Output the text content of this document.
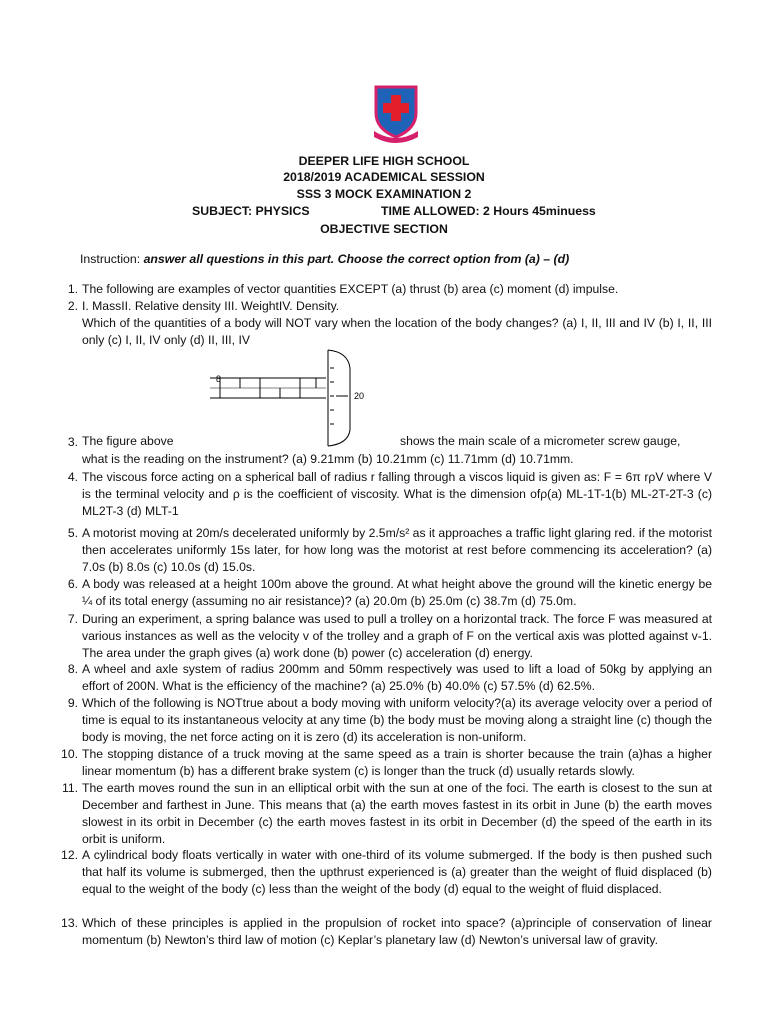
DEEPER LIFE HIGH SCHOOL
2018/2019 ACADEMICAL SESSION
SSS 3 MOCK EXAMINATION 2
SUBJECT: PHYSICS	TIME ALLOWED: 2 Hours 45minuess
OBJECTIVE SECTION
Instruction: answer all questions in this part. Choose the correct option from (a) – (d)
1. The following are examples of vector quantities EXCEPT (a) thrust (b) area (c) moment (d) impulse.
2. I. MassII. Relative density III. WeightIV. Density.
Which of the quantities of a body will NOT vary when the location of the body changes? (a) I, II, III and IV (b) I, II, III only (c) I, II, IV only (d) II, III, IV
8
20
3. The figure above	shows the main scale of a micrometer screw gauge,
what is the reading on the instrument? (a) 9.21mm (b) 10.21mm (c) 11.71mm (d) 10.71mm.
4. The viscous force acting on a spherical ball of radius r falling through a viscos liquid is given as: F = 6π rρV where V is the terminal velocity and ρ is the coefficient of viscosity. What is the dimension ofρ(a) ML-1T-1(b) ML-2T-2T-3 (c) ML2T-3 (d) MLT-1
5. A motorist moving at 20m/s decelerated uniformly by 2.5m/s² as it approaches a traffic light glaring red. if the motorist then accelerates uniformly 15s later, for how long was the motorist at rest before commencing its acceleration? (a) 7.0s (b) 8.0s (c) 10.0s (d) 15.0s.
6. A body was released at a height 100m above the ground. At what height above the ground will the kinetic energy be ¼ of its total energy (assuming no air resistance)? (a) 20.0m (b) 25.0m (c) 38.7m (d) 75.0m.
7. During an experiment, a spring balance was used to pull a trolley on a horizontal track. The force F was measured at various instances as well as the velocity v of the trolley and a graph of F on the vertical axis was plotted against v-1. The area under the graph gives (a) work done (b) power (c) acceleration (d) energy.
8. A wheel and axle system of radius 200mm and 50mm respectively was used to lift a load of 50kg by applying an effort of 200N. What is the efficiency of the machine? (a) 25.0% (b) 40.0% (c) 57.5% (d) 62.5%.
9. Which of the following is NOTtrue about a body moving with uniform velocity?(a) its average velocity over a period of time is equal to its instantaneous velocity at any time (b) the body must be moving along a straight line (c) though the body is moving, the net force acting on it is zero (d) its acceleration is non-uniform.
10. The stopping distance of a truck moving at the same speed as a train is shorter because the train (a)has a higher linear momentum (b) has a different brake system (c) is longer than the truck (d) usually retards slowly.
11. The earth moves round the sun in an elliptical orbit with the sun at one of the foci. The earth is closest to the sun at December and farthest in June. This means that (a) the earth moves fastest in its orbit in June (b) the earth moves slowest in its orbit in December (c) the earth moves fastest in its orbit in December (d) the speed of the earth in its orbit is uniform.
12. A cylindrical body floats vertically in water with one-third of its volume submerged. If the body is then pushed such that half its volume is submerged, then the upthrust experienced is (a) greater than the weight of fluid displaced (b) equal to the weight of the body (c) less than the weight of the body (d) equal to the weight of fluid displaced.
13. Which of these principles is applied in the propulsion of rocket into space? (a)principle of conservation of linear momentum (b) Newton’s third law of motion (c) Keplar’s planetary law (d) Newton’s universal law of gravity.
